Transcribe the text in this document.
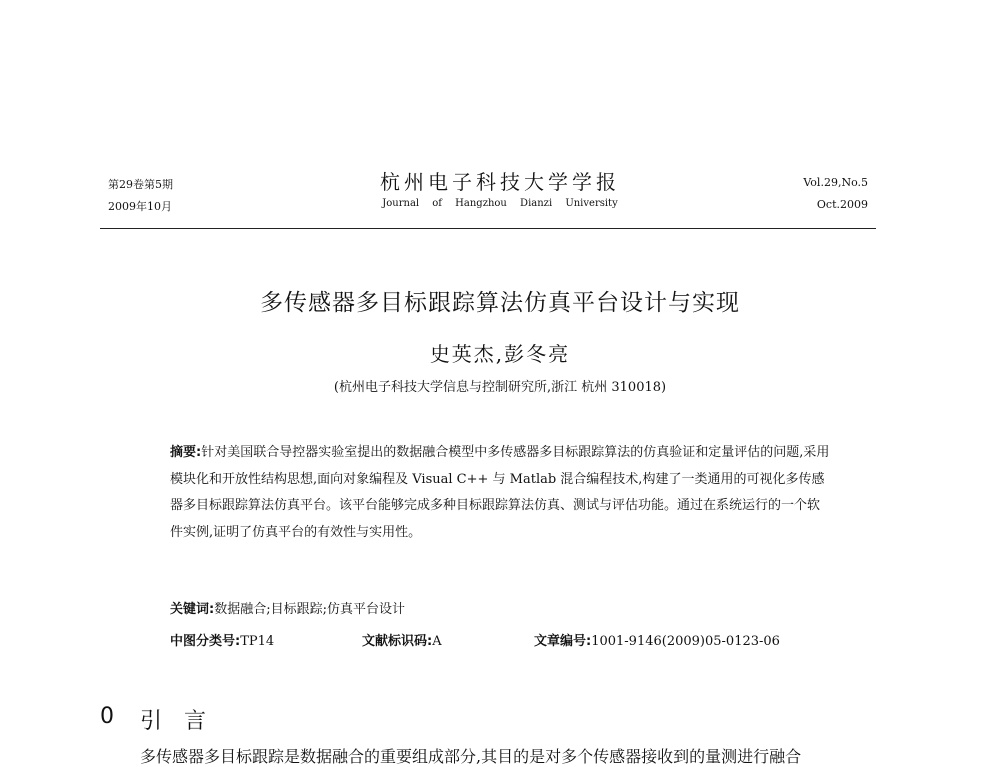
第29卷第5期
2009年10月
杭州电子科技大学学报
Journal of Hangzhou Dianzi University
Vol.29,No.5
Oct.2009
多传感器多目标跟踪算法仿真平台设计与实现
史英杰,彭冬亮
(杭州电子科技大学信息与控制研究所,浙江 杭州 310018)
摘要:针对美国联合导控器实验室提出的数据融合模型中多传感器多目标跟踪算法的仿真验证和定量评估的问题,采用模块化和开放性结构思想,面向对象编程及 Visual C++ 与 Matlab 混合编程技术,构建了一类通用的可视化多传感器多目标跟踪算法仿真平台。该平台能够完成多种目标跟踪算法仿真、测试与评估功能。通过在系统运行的一个软件实例,证明了仿真平台的有效性与实用性。
关键词:数据融合;目标跟踪;仿真平台设计
中图分类号:TP14	文献标识码:A	文章编号:1001-9146(2009)05-0123-06
0 引言
多传感器多目标跟踪是数据融合的重要组成部分,其目的是对多个传感器接收到的量测进行融合
